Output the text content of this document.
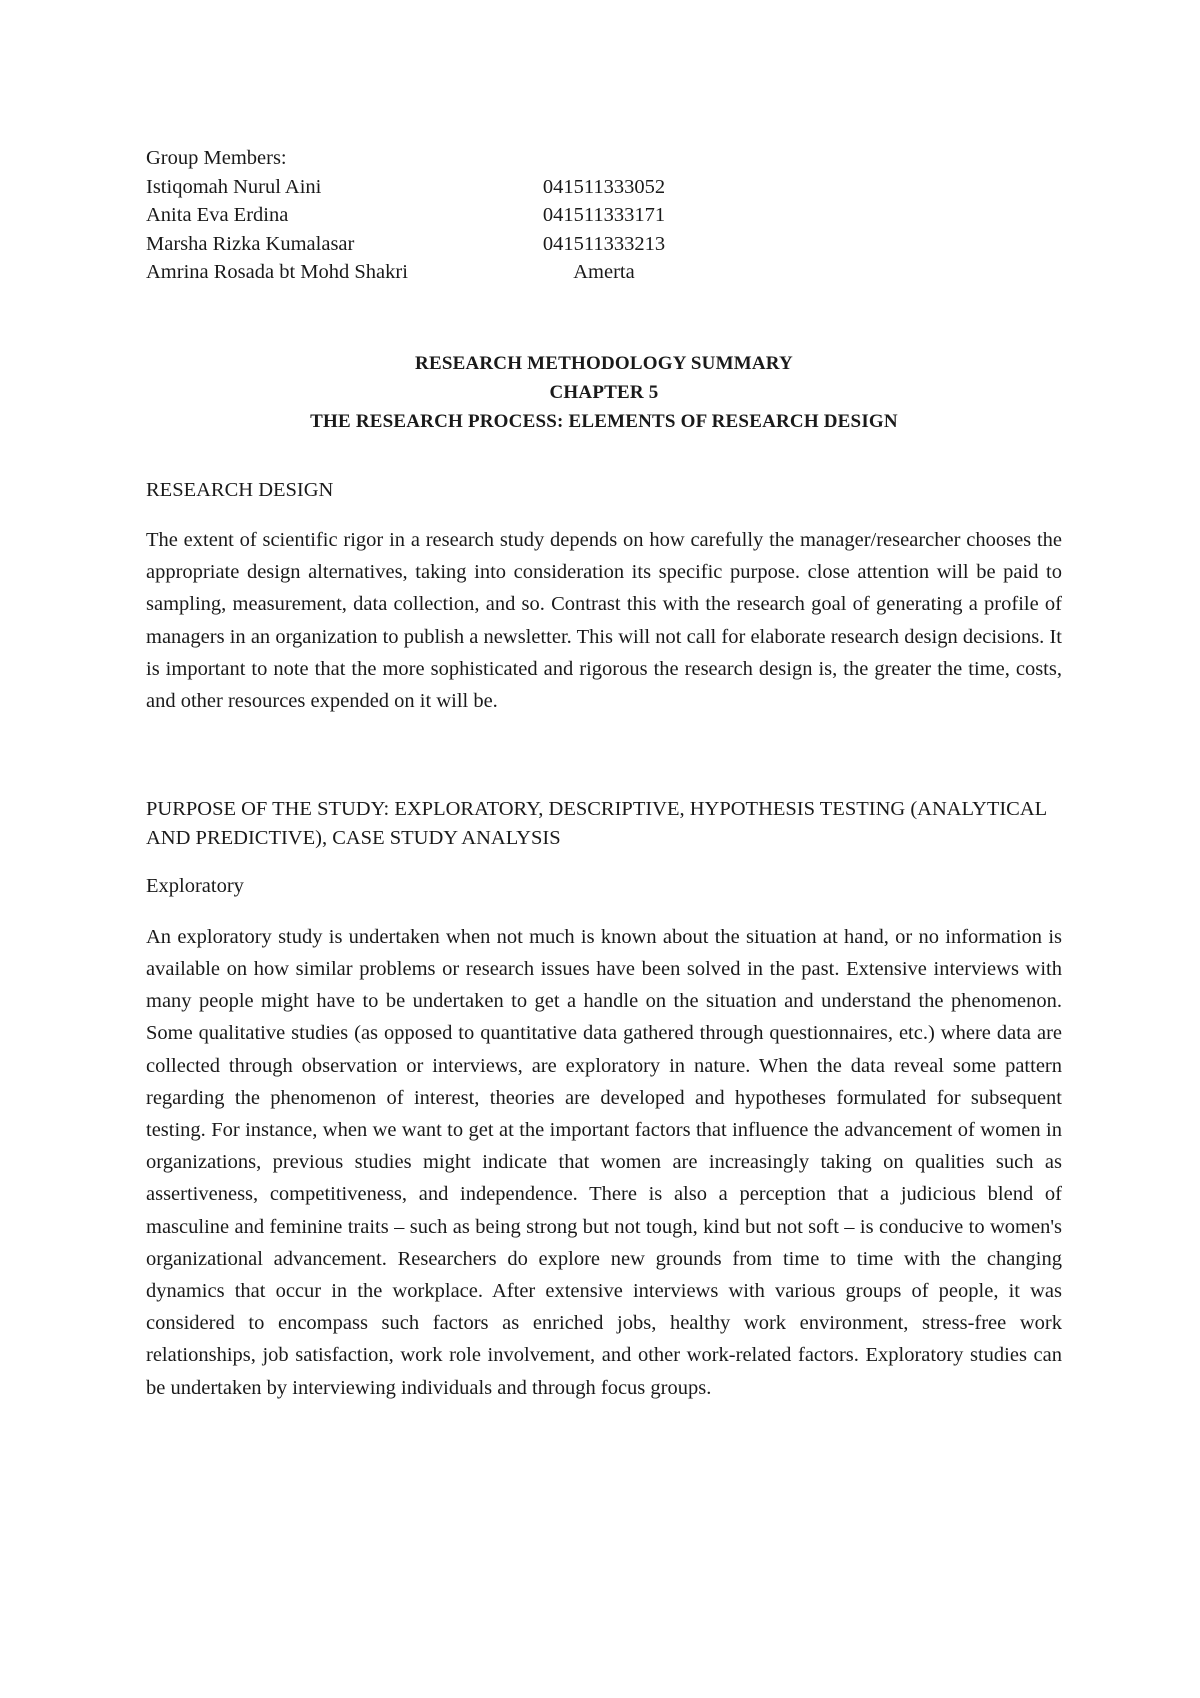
Group Members:
Istiqomah Nurul Aini	041511333052
Anita Eva Erdina	041511333171
Marsha Rizka Kumalasar	041511333213
Amrina Rosada bt Mohd Shakri	Amerta
RESEARCH METHODOLOGY SUMMARY
CHAPTER 5
THE RESEARCH PROCESS: ELEMENTS OF RESEARCH DESIGN
RESEARCH DESIGN

The extent of scientific rigor in a research study depends on how carefully the manager/researcher chooses the appropriate design alternatives, taking into consideration its specific purpose. close attention will be paid to sampling, measurement, data collection, and so. Contrast this with the research goal of generating a profile of managers in an organization to publish a newsletter. This will not call for elaborate research design decisions. It is important to note that the more sophisticated and rigorous the research design is, the greater the time, costs, and other resources expended on it will be.

PURPOSE OF THE STUDY: EXPLORATORY, DESCRIPTIVE, HYPOTHESIS TESTING (ANALYTICAL AND PREDICTIVE), CASE STUDY ANALYSIS
Exploratory

An exploratory study is undertaken when not much is known about the situation at hand, or no information is available on how similar problems or research issues have been solved in the past. Extensive interviews with many people might have to be undertaken to get a handle on the situation and understand the phenomenon. Some qualitative studies (as opposed to quantitative data gathered through questionnaires, etc.) where data are collected through observation or interviews, are exploratory in nature. When the data reveal some pattern regarding the phenomenon of interest, theories are developed and hypotheses formulated for subsequent testing. For instance, when we want to get at the important factors that influence the advancement of women in organizations, previous studies might indicate that women are increasingly taking on qualities such as assertiveness, competitiveness, and independence. There is also a perception that a judicious blend of masculine and feminine traits – such as being strong but not tough, kind but not soft – is conducive to women's organizational advancement. Researchers do explore new grounds from time to time with the changing dynamics that occur in the workplace. After extensive interviews with various groups of people, it was considered to encompass such factors as enriched jobs, healthy work environment, stress-free work relationships, job satisfaction, work role involvement, and other work-related factors. Exploratory studies can be undertaken by interviewing individuals and through focus groups.
